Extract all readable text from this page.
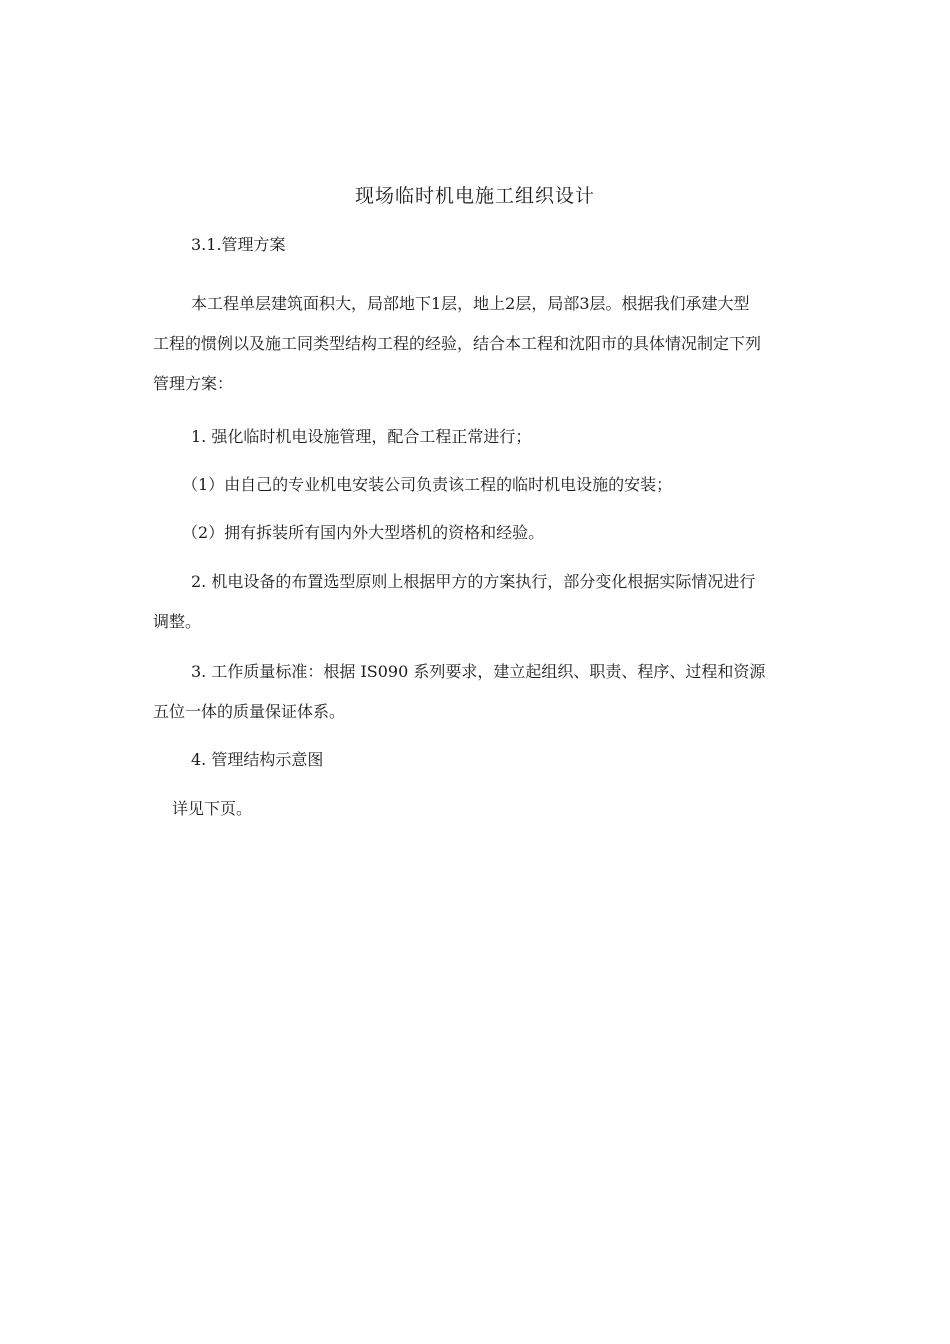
现场临时机电施工组织设计
3.1.管理方案
本工程单层建筑面积大，局部地下1层，地上2层，局部3层。根据我们承建大型
工程的惯例以及施工同类型结构工程的经验，结合本工程和沈阳市的具体情况制定下列
管理方案：
1. 强化临时机电设施管理，配合工程正常进行；
（1）由自己的专业机电安装公司负责该工程的临时机电设施的安装；
（2）拥有拆装所有国内外大型塔机的资格和经验。
2. 机电设备的布置选型原则上根据甲方的方案执行，部分变化根据实际情况进行
调整。
3. 工作质量标准：根据 IS090 系列要求，建立起组织、职责、程序、过程和资源
五位一体的质量保证体系。
4. 管理结构示意图
详见下页。
